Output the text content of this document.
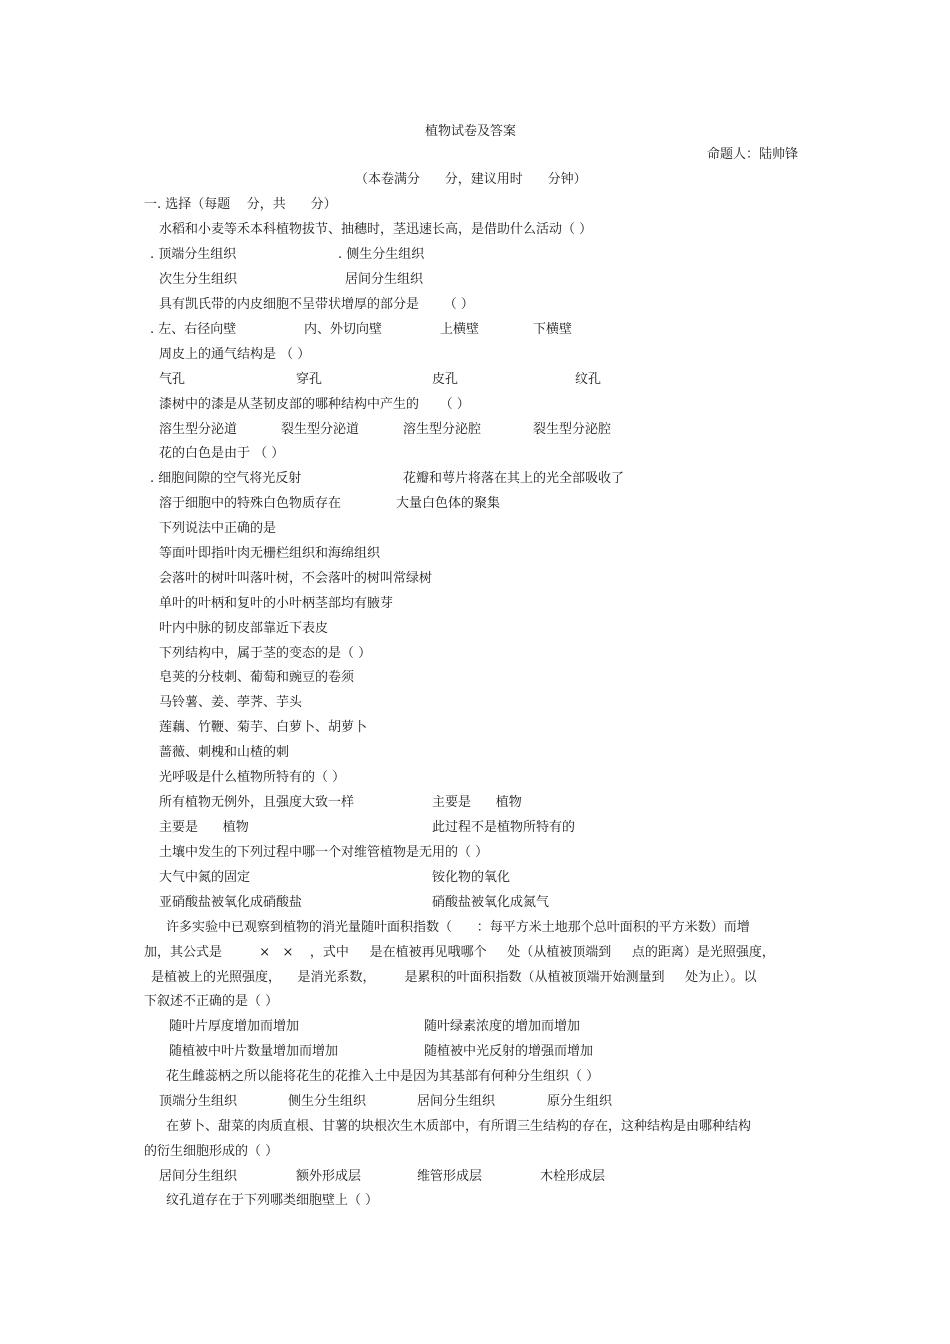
植物试卷及答案
命题人：陆帅锋
（本卷满分      分，建议用时      分钟）
一. 选择（每题    分，共      分）
水稻和小麦等禾本科植物拔节、抽穗时，茎迅速长高，是借助什么活动（ ）
. 顶端分生组织	. 侧生分生组织
次生分生组织	居间分生组织
具有凯氏带的内皮细胞不呈带状增厚的部分是      （ ）
. 左、右径向壁	内、外切向壁	上横壁	下横壁
周皮上的通气结构是 （ ）
气孔	穿孔	皮孔	纹孔
漆树中的漆是从茎韧皮部的哪种结构中产生的     （ ）
溶生型分泌道	裂生型分泌道	溶生型分泌腔	裂生型分泌腔
花的白色是由于 （ ）
. 细胞间隙的空气将光反射	花瓣和萼片将落在其上的光全部吸收了
溶于细胞中的特殊白色物质存在	大量白色体的聚集
下列说法中正确的是
等面叶即指叶肉无栅栏组织和海绵组织
会落叶的树叶叫落叶树，不会落叶的树叫常绿树
单叶的叶柄和复叶的小叶柄茎部均有腋芽
叶内中脉的韧皮部靠近下表皮
下列结构中，属于茎的变态的是（ ）
皂荚的分枝刺、葡萄和豌豆的卷须
马铃薯、姜、荸荠、芋头
莲藕、竹鞭、菊芋、白萝卜、胡萝卜
蔷薇、刺槐和山楂的刺
光呼吸是什么植物所特有的（ ）
所有植物无例外，且强度大致一样	主要是      植物
主要是      植物	此过程不是植物所特有的
土壤中发生的下列过程中哪一个对维管植物是无用的（ ）
大气中氮的固定	铵化物的氧化
亚硝酸盐被氧化成硝酸盐	硝酸盐被氧化成氮气
许多实验中已观察到植物的消光量随叶面积指数（      ：每平方米土地那个总叶面积的平方米数）而增
加，其公式是         ×   ×    ，式中     是在植被再见哦哪个     处（从植被顶端到     点的距离）是光照强度，
是植被上的光照强度，    是消光系数，       是累积的叶面积指数（从植被顶端开始测量到     处为止）。以
下叙述不正确的是（ ）
随叶片厚度增加而增加	随叶绿素浓度的增加而增加
随植被中叶片数量增加而增加	随植被中光反射的增强而增加
花生雌蕊柄之所以能将花生的花推入土中是因为其基部有何种分生组织（ ）
顶端分生组织	侧生分生组织	居间分生组织	原分生组织
在萝卜、甜菜的肉质直根、甘薯的块根次生木质部中，有所谓三生结构的存在，这种结构是由哪种结构
的衍生细胞形成的（ ）
居间分生组织	额外形成层	维管形成层	木栓形成层
纹孔道存在于下列哪类细胞壁上（ ）
